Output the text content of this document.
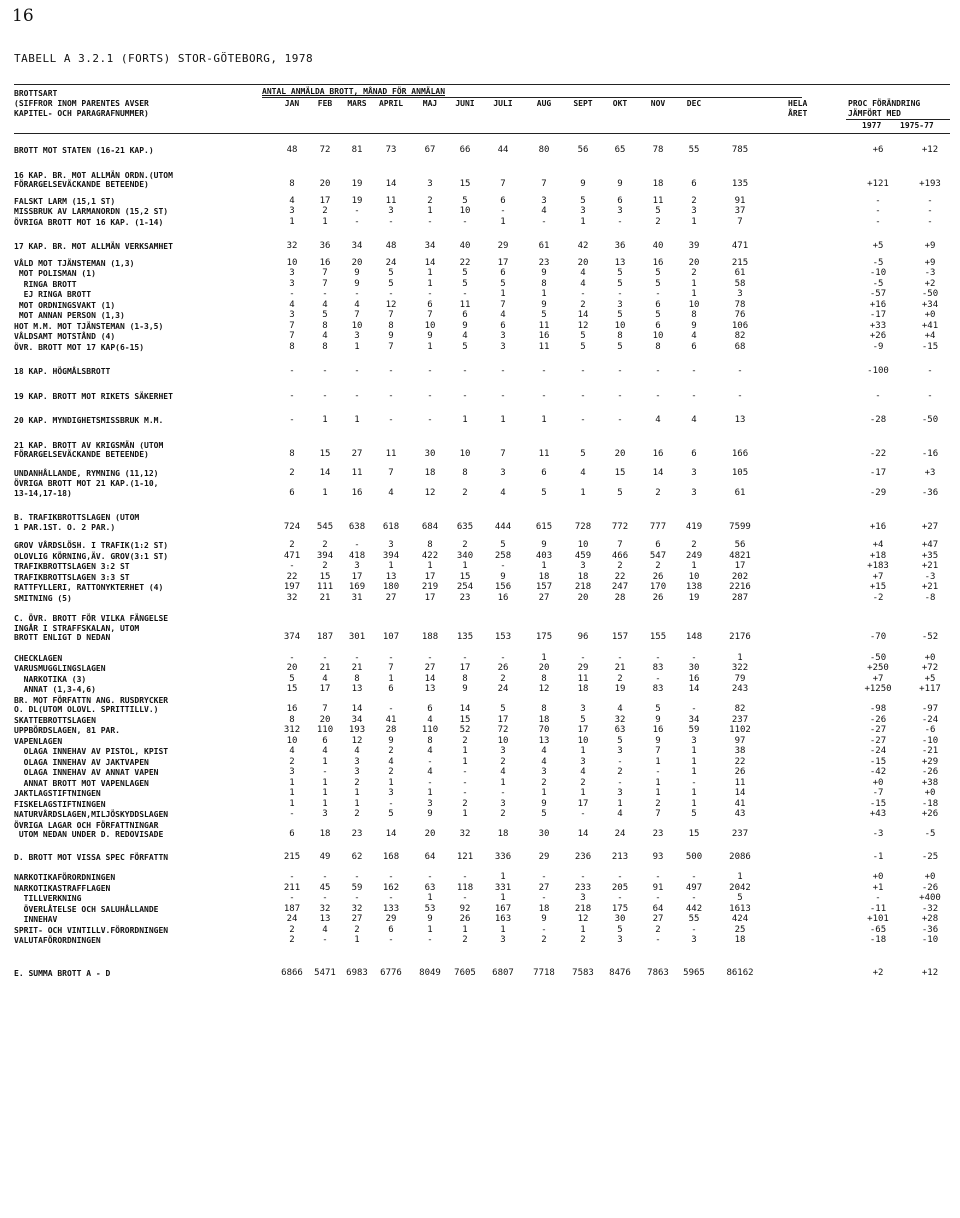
16
TABELL A 3.2.1 (FORTS) STOR-GÖTEBORG, 1978
BROTTSART
(SIFFROR INOM PARENTES AVSER
KAPITEL- OCH PARAGRAFNUMMER)
ANTAL ANMÄLDA BROTT, MÅNAD FÖR ANMÄLAN
JAN	FEB	MARS	APRIL	MAJ	JUNI	JULI	AUG	SEPT	OKT	NOV	DEC	HELA
ÅRET
PROC FÖRÄNDRING
JÄMFÖRT MED
1977 1975-77
BROTT MOT STATEN (16-21 KAP.)	48	72	81	73	67	66	44	80	56	65	78	55	785	+6	+12
16 KAP. BR. MOT ALLMÄN ORDN.(UTOM
FÖRARGELSEVÄCKANDE BETEENDE)	8	20	19	14	3	15	7	7	9	9	18	6	135	+121	+193
FALSKT LARM (15,1 ST)	4	17	19	11	2	5	6	3	5	6	11	2	91	-	-
MISSBRUK AV LARMANORDN (15,2 ST)	3	2	-	3	1	10	-	4	3	3	5	3	37	-	-
ÖVRIGA BROTT MOT 16 KAP. (1-14)	1	1	-	-	-	-	1	-	1	-	2	1	7	-	-
17 KAP. BR. MOT ALLMÄN VERKSAMHET	32	36	34	48	34	40	29	61	42	36	40	39	471	+5	+9
VÅLD MOT TJÄNSTEMAN (1,3)	10	16	20	24	14	22	17	23	20	13	16	20	215	-5	+9
MOT POLISMAN (1)	3	7	9	5	1	5	6	9	4	5	5	2	61	-10	-3
RINGA BROTT	3	7	9	5	1	5	5	8	4	5	5	1	58	-5	+2
EJ RINGA BROTT	-	-	-	-	-	-	1	1	-	-	-	1	3	-57	-50
MOT ORDNINGSVAKT (1)	4	4	4	12	6	11	7	9	2	3	6	10	78	+16	+34
MOT ANNAN PERSON (1,3)	3	5	7	7	7	6	4	5	14	5	5	8	76	-17	+0
HOT M.M. MOT TJÄNSTEMAN (1-3,5)	7	8	10	8	10	9	6	11	12	10	6	9	106	+33	+41
VÅLDSAMT MOTSTÅND (4)	7	4	3	9	9	4	3	16	5	8	10	4	82	+26	+4
ÖVR. BROTT MOT 17 KAP(6-15)	8	8	1	7	1	5	3	11	5	5	8	6	68	-9	-15
18 KAP. HÖGMÅLSBROTT	-	-	-	-	-	-	-	-	-	-	-	-	-	-100	-
19 KAP. BROTT MOT RIKETS SÄKERHET	-	-	-	-	-	-	-	-	-	-	-	-	-	-	-
20 KAP. MYNDIGHETSMISSBRUK M.M.	-	1	1	-	-	1	1	1	-	-	4	4	13	-28	-50
21 KAP. BROTT AV KRIGSMÄN (UTOM
FÖRARGELSEVÄCKANDE BETEENDE)	8	15	27	11	30	10	7	11	5	20	16	6	166	-22	-16
UNDANHÅLLANDE, RYMNING (11,12)	2	14	11	7	18	8	3	6	4	15	14	3	105	-17	+3
ÖVRIGA BROTT MOT 21 KAP.(1-10,
13-14,17-18)	6	1	16	4	12	2	4	5	1	5	2	3	61	-29	-36
B. TRAFIKBROTTSLAGEN (UTOM
1 PAR.1ST. O. 2 PAR.)	724	545	638	618	684	635	444	615	728	772	777	419	7599	+16	+27
GROV VÅRDSLÖSH. I TRAFIK(1:2 ST)	2	2	-	3	8	2	5	9	10	7	6	2	56	+4	+47
OLOVLIG KÖRNING,ÄV. GROV(3:1 ST)	471	394	418	394	422	340	258	403	459	466	547	249	4821	+18	+35
TRAFIKBROTTSLAGEN 3:2 ST	-	2	3	1	1	1	-	1	3	2	2	1	17	+183	+21
TRAFIKBROTTSLAGEN 3:3 ST	22	15	17	13	17	15	9	18	18	22	26	10	202	+7	-3
RATTFYLLERI, RATTONYKTERHET (4)	197	111	169	180	219	254	156	157	218	247	170	138	2216	+15	+21
SMITNING (5)	32	21	31	27	17	23	16	27	20	28	26	19	287	-2	-8
C. ÖVR. BROTT FÖR VILKA FÄNGELSE
INGÅR I STRAFFSKALAN, UTOM
BROTT ENLIGT D NEDAN	374	187	301	107	188	135	153	175	96	157	155	148	2176	-70	-52
CHECKLAGEN	-	-	-	-	-	-	-	1	-	-	-	-	1	-50	+0
VARUSMUGGLINGSLAGEN	20	21	21	7	27	17	26	20	29	21	83	30	322	+250	+72
NARKOTIKA (3)	5	4	8	1	14	8	2	8	11	2	-	16	79	+7	+5
ANNAT (1,3-4,6)	15	17	13	6	13	9	24	12	18	19	83	14	243	+1250	+117
BR. MOT FÖRFATTN ANG. RUSDRYCKER
O. DL(UTOM OLOVL. SPRITTILLV.)	16	7	14	-	6	14	5	8	3	4	5	-	82	-98	-97
SKATTEBROTTSLAGEN	8	20	34	41	4	15	17	18	5	32	9	34	237	-26	-24
UPPBÖRDSLAGEN, 81 PAR.	312	110	193	28	110	52	72	70	17	63	16	59	1102	-27	-6
VAPENLAGEN	10	6	12	9	8	2	10	13	10	5	9	3	97	-27	-10
OLAGA INNEHAV AV PISTOL, KPIST	4	4	4	2	4	1	3	4	1	3	7	1	38	-24	-21
OLAGA INNEHAV AV JAKTVAPEN	2	1	3	4	-	1	2	4	3	-	1	1	22	-15	+29
OLAGA INNEHAV AV ANNAT VAPEN	3	-	3	2	4	-	4	3	4	2	-	1	26	-42	-26
ANNAT BROTT MOT VAPENLAGEN	1	1	2	1	-	-	1	2	2	-	1	-	11	+0	+38
JAKTLAGSTIFTNINGEN	1	1	1	3	1	-	-	1	1	3	1	1	14	-7	+0
FISKELAGSTIFTNINGEN	1	1	1	-	3	2	3	9	17	1	2	1	41	-15	-18
NATURVÅRDSLAGEN,MILJÖSKYDDSLAGEN	-	3	2	5	9	1	2	5	-	4	7	5	43	+43	+26
ÖVRIGA LAGAR OCH FÖRFATTNINGAR
UTOM NEDAN UNDER D. REDOVISADE	6	18	23	14	20	32	18	30	14	24	23	15	237	-3	-5
D. BROTT MOT VISSA SPEC FÖRFATTN	215	49	62	168	64	121	336	29	236	213	93	500	2086	-1	-25
NARKOTIKAFÖRORDNINGEN	-	-	-	-	-	-	1	-	-	-	-	-	1	+0	+0
NARKOTIKASTRAFFLAGEN	211	45	59	162	63	118	331	27	233	205	91	497	2042	+1	-26
TILLVERKNING	-	-	-	-	1	-	1	-	3	-	-	-	5	-	+400
ÖVERLÅTELSE OCH SALUHÅLLANDE	187	32	32	133	53	92	167	18	218	175	64	442	1613	-11	-32
INNEHAV	24	13	27	29	9	26	163	9	12	30	27	55	424	+101	+28
SPRIT- OCH VINTILLV.FÖRORDNINGEN	2	4	2	6	1	1	1	-	1	5	2	-	25	-65	-36
VALUTAFÖRORDNINGEN	2	-	1	-	-	2	3	2	2	3	-	3	18	-18	-10
E. SUMMA BROTT A - D	6866	5471	6983	6776	8049	7605	6807	7718	7583	8476	7863	5965	86162	+2	+12
